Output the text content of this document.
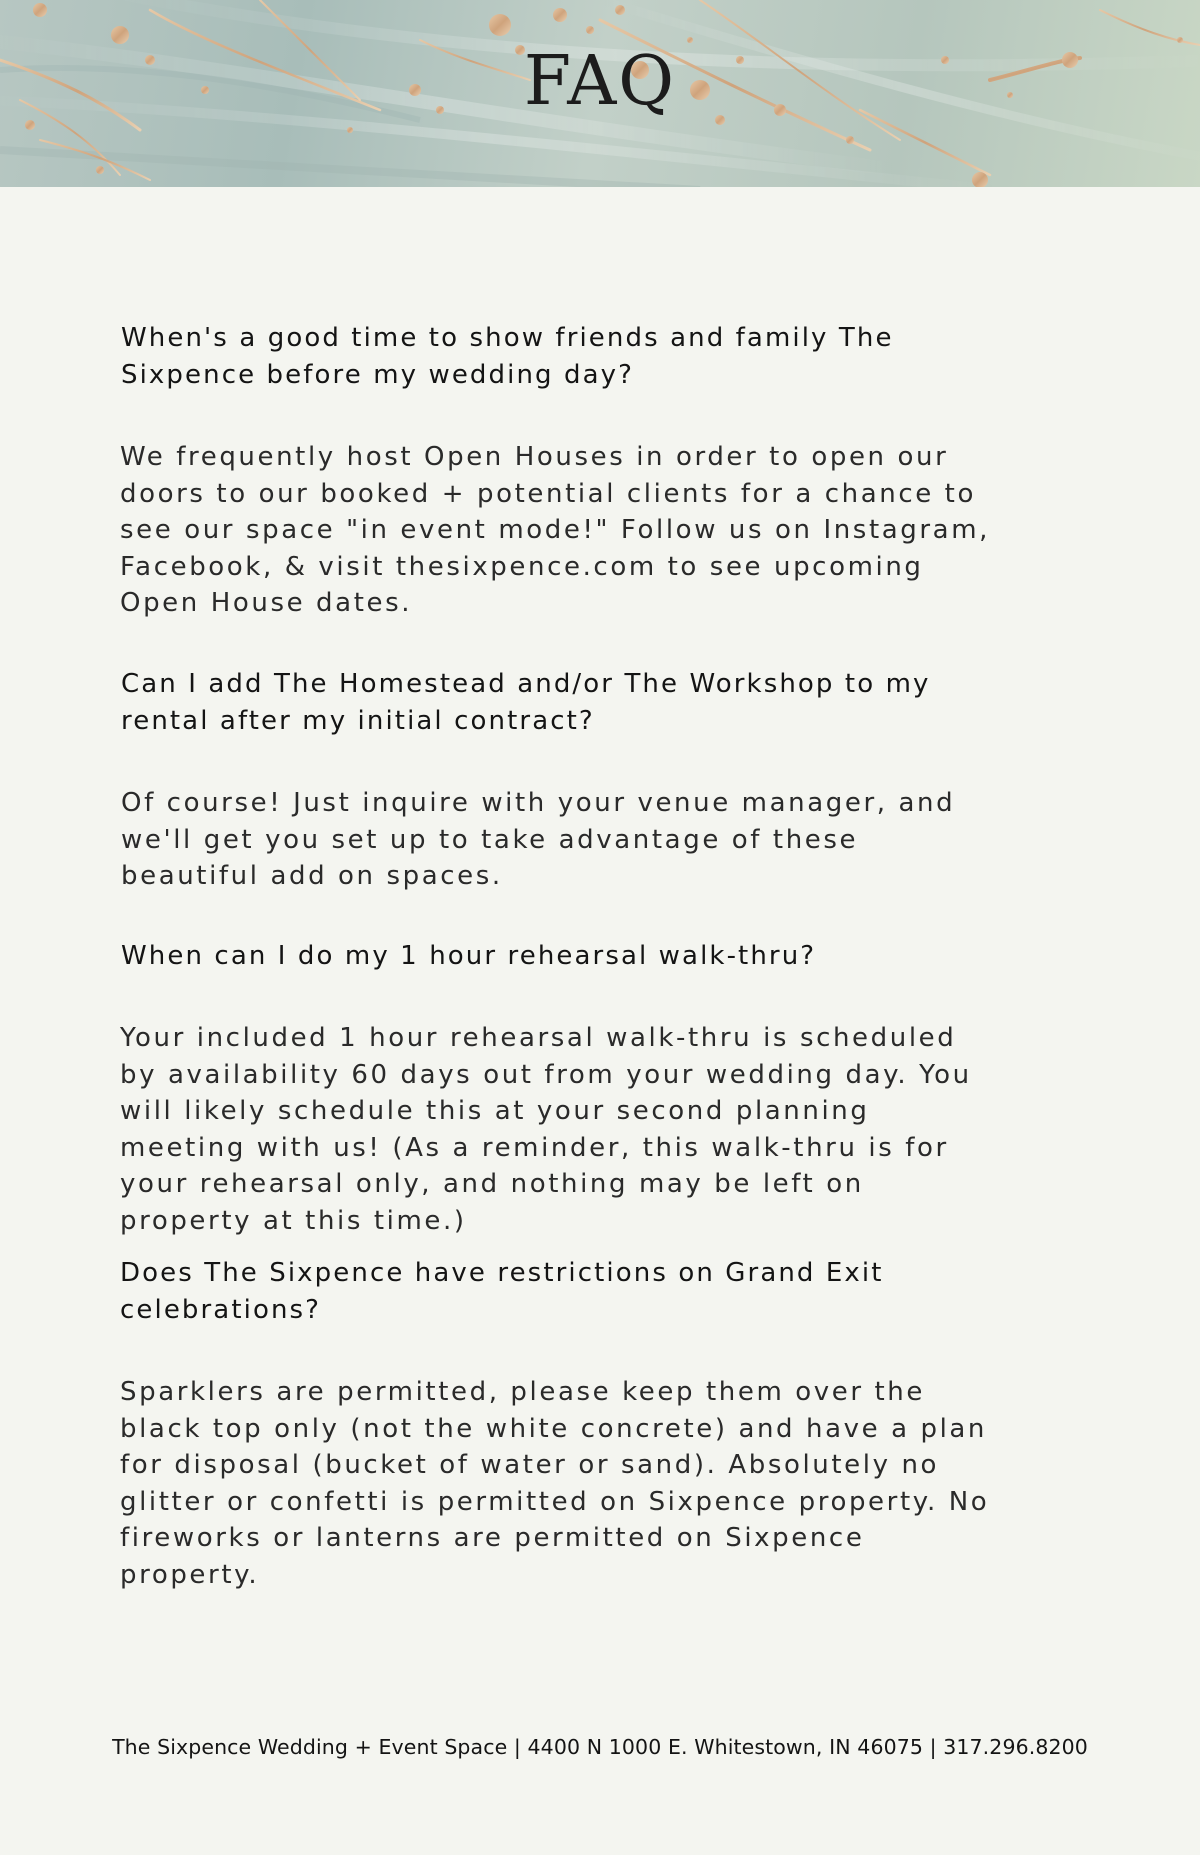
FAQ

When's a good time to show friends and family The Sixpence before my wedding day?

We frequently host Open Houses in order to open our doors to our booked + potential clients for a chance to see our space "in event mode!" Follow us on Instagram, Facebook, & visit thesixpence.com to see upcoming Open House dates.

Can I add The Homestead and/or The Workshop to my rental after my initial contract?

Of course! Just inquire with your venue manager, and we'll get you set up to take advantage of these beautiful add on spaces.

When can I do my 1 hour rehearsal walk-thru?

Your included 1 hour rehearsal walk-thru is scheduled by availability 60 days out from your wedding day. You will likely schedule this at your second planning meeting with us! (As a reminder, this walk-thru is for your rehearsal only, and nothing may be left on property at this time.)

Does The Sixpence have restrictions on Grand Exit celebrations?

Sparklers are permitted, please keep them over the black top only (not the white concrete) and have a plan for disposal (bucket of water or sand). Absolutely no glitter or confetti is permitted on Sixpence property. No fireworks or lanterns are permitted on Sixpence property.

The Sixpence Wedding + Event Space | 4400 N 1000 E. Whitestown, IN 46075 | 317.296.8200
